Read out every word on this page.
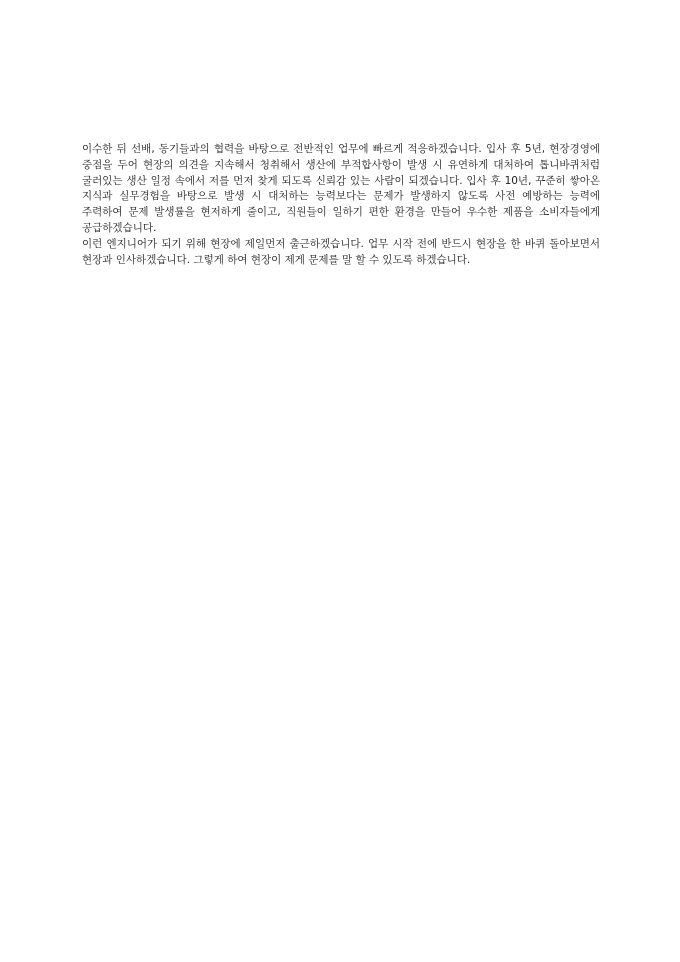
이수한 뒤 선배, 동기들과의 협력을 바탕으로 전반적인 업무에 빠르게 적응하겠습니다. 입사 후 5년, 현장경영에 중점을 두어 현장의 의견을 지속해서 청취해서 생산에 부적합사항이 발생 시 유연하게 대처하여 톱니바퀴처럼 굴러있는 생산 일정 속에서 저를 먼저 찾게 되도록 신뢰감 있는 사람이 되겠습니다. 입사 후 10년, 꾸준히 쌓아온 지식과 실무경험을 바탕으로 발생 시 대처하는 능력보다는 문제가 발생하지 않도록 사전 예방하는 능력에 주력하여 문제 발생률을 현저하게 줄이고, 직원들이 일하기 편한 환경을 만들어 우수한 제품을 소비자들에게 공급하겠습니다.

이런 엔지니어가 되기 위해 현장에 제일먼저 출근하겠습니다. 업무 시작 전에 반드시 현장을 한 바퀴 돌아보면서 현장과 인사하겠습니다. 그렇게 하여 현장이 제게 문제를 말 할 수 있도록 하겠습니다.
